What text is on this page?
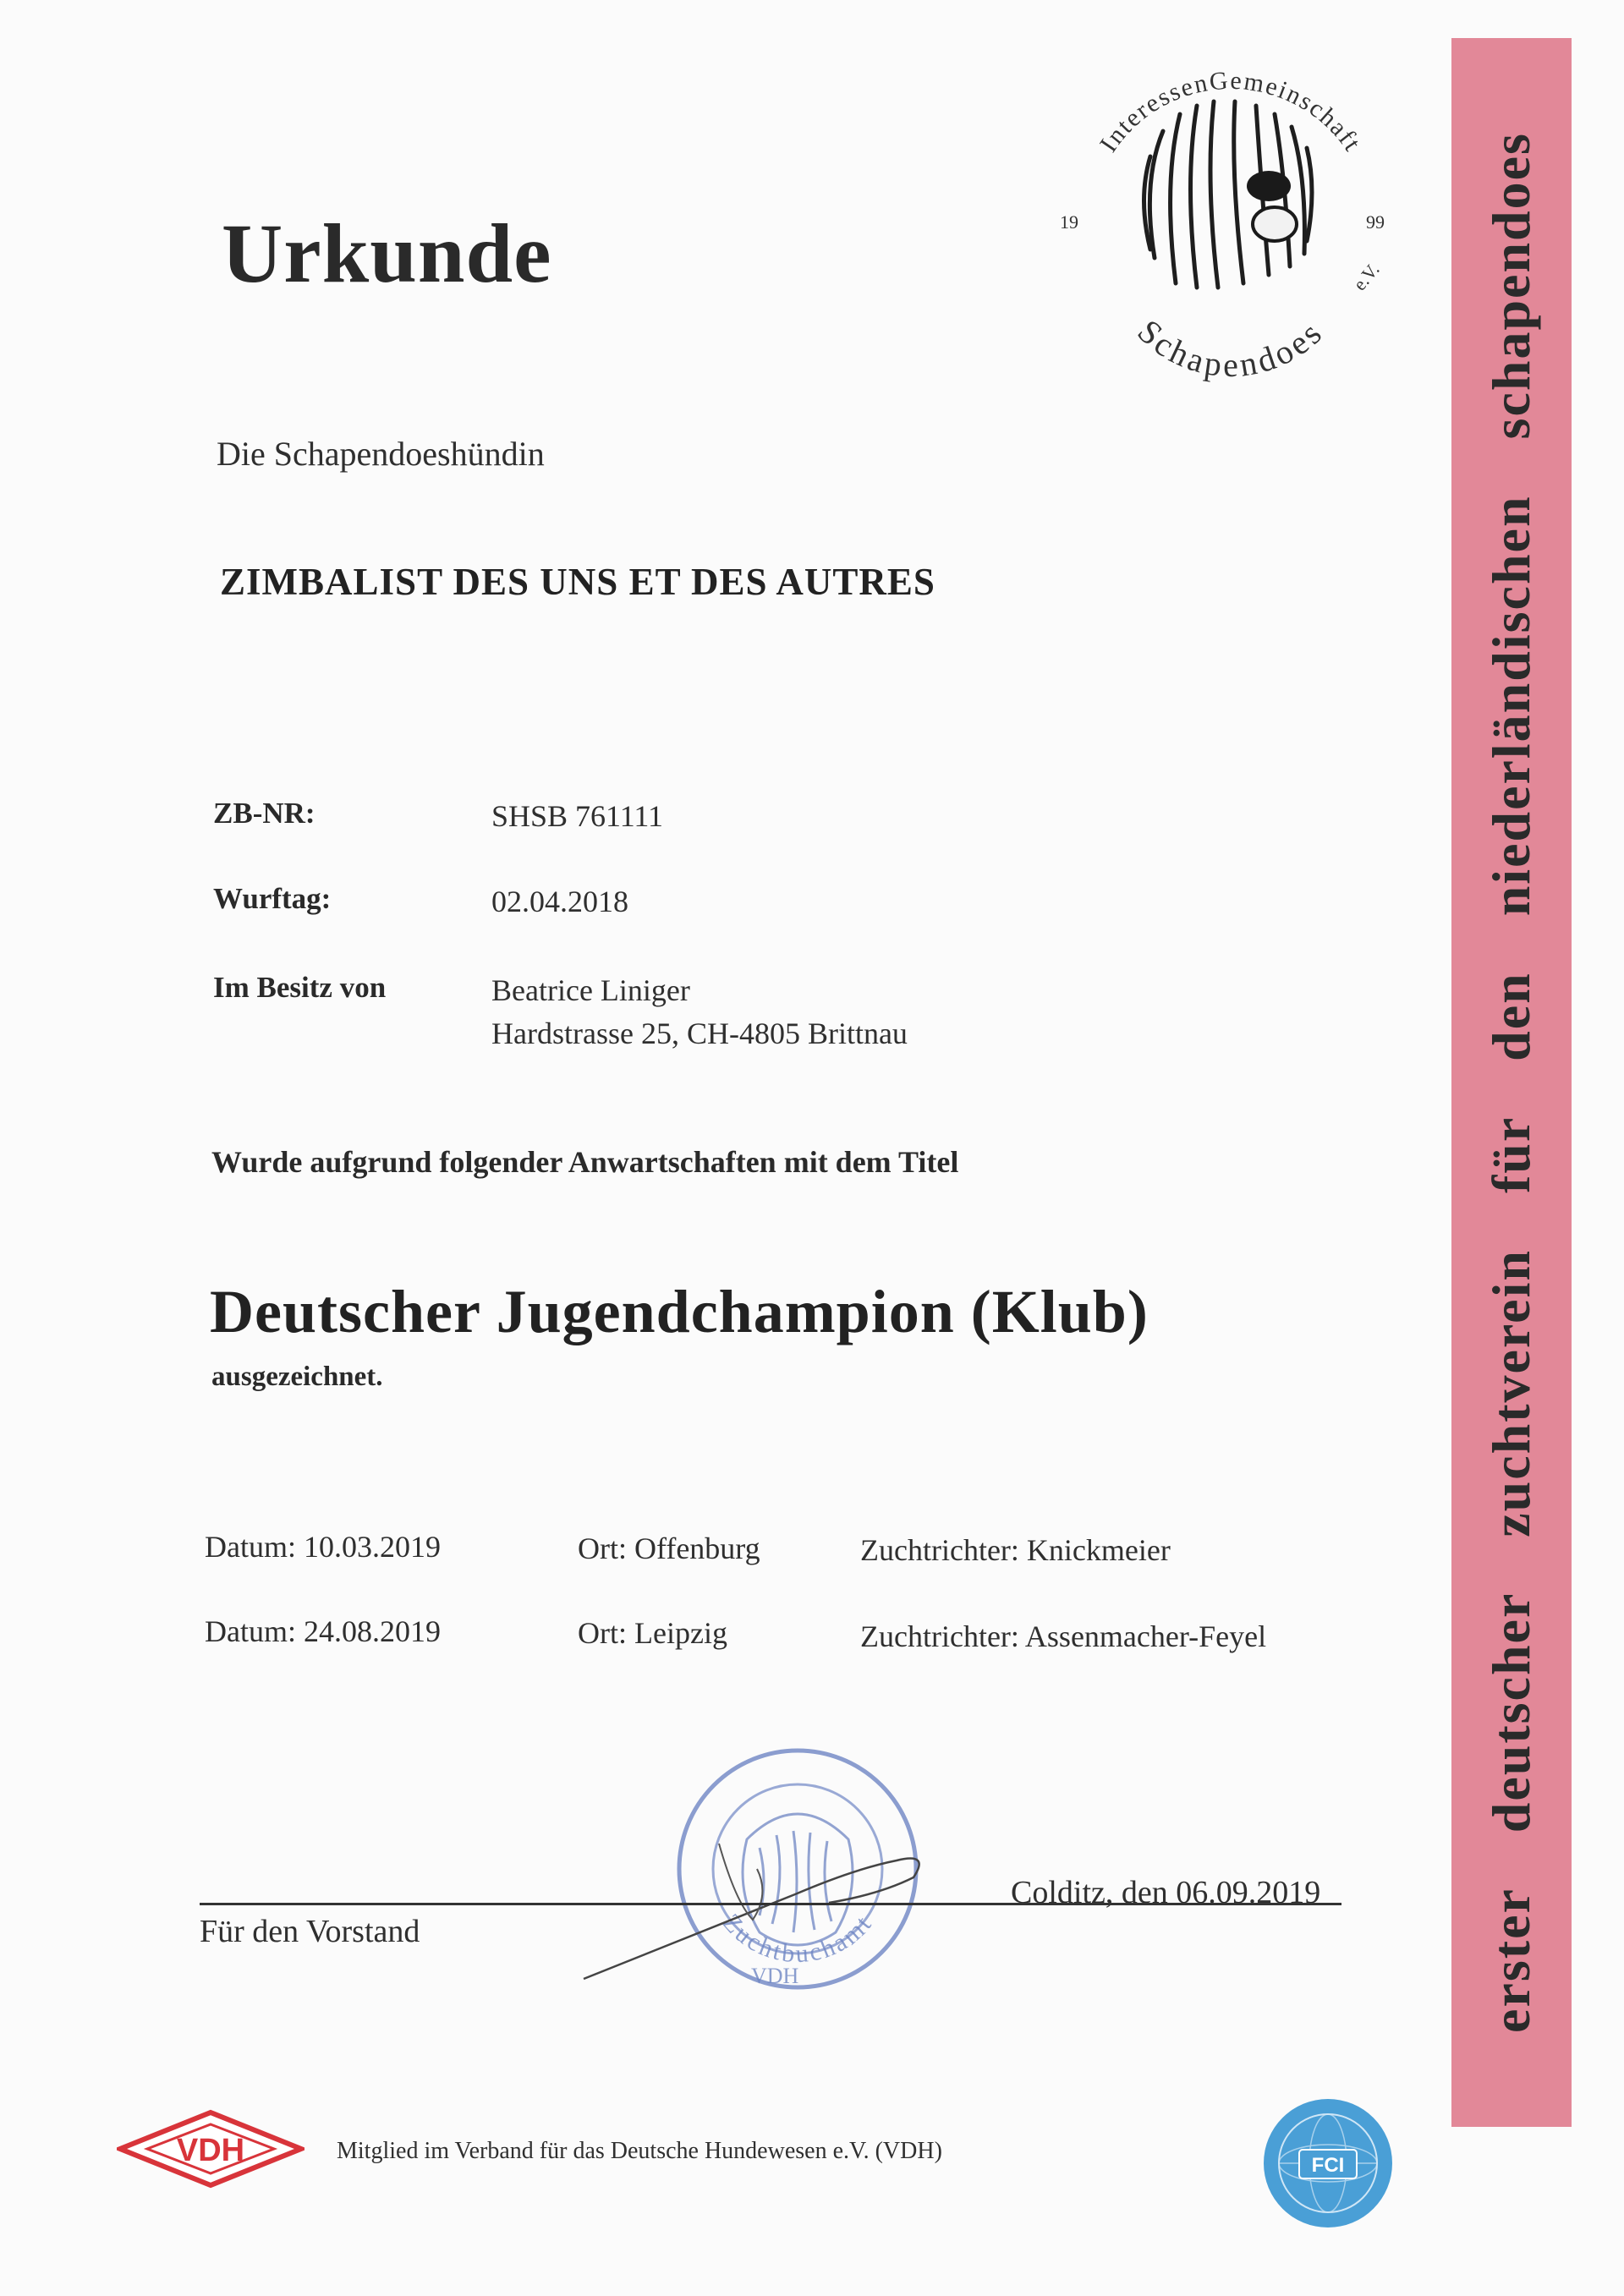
Urkunde
Die Schapendoeshündin
ZIMBALIST DES UNS ET DES AUTRES
ZB-NR:	SHSB 761111
Wurftag:	02.04.2018
Im Besitz von	Beatrice Liniger
Hardstrasse 25, CH-4805 Brittnau
Wurde aufgrund folgender Anwartschaften mit dem Titel
Deutscher Jugendchampion (Klub)
ausgezeichnet.
Datum: 10.03.2019	Ort: Offenburg	Zuchtrichter: Knickmeier
Datum: 24.08.2019	Ort: Leipzig	Zuchtrichter: Assenmacher-Feyel
Zuchtbuchamt
VDH
Colditz, den 06.09.2019
Für den Vorstand
InteressenGemeinschaft
Schapendoes
19	99
e.V. erster deutscher zuchtverein für den niederländischen schapendoes
VDH	Mitglied im Verband für das Deutsche Hundewesen e.V. (VDH)
FCI
